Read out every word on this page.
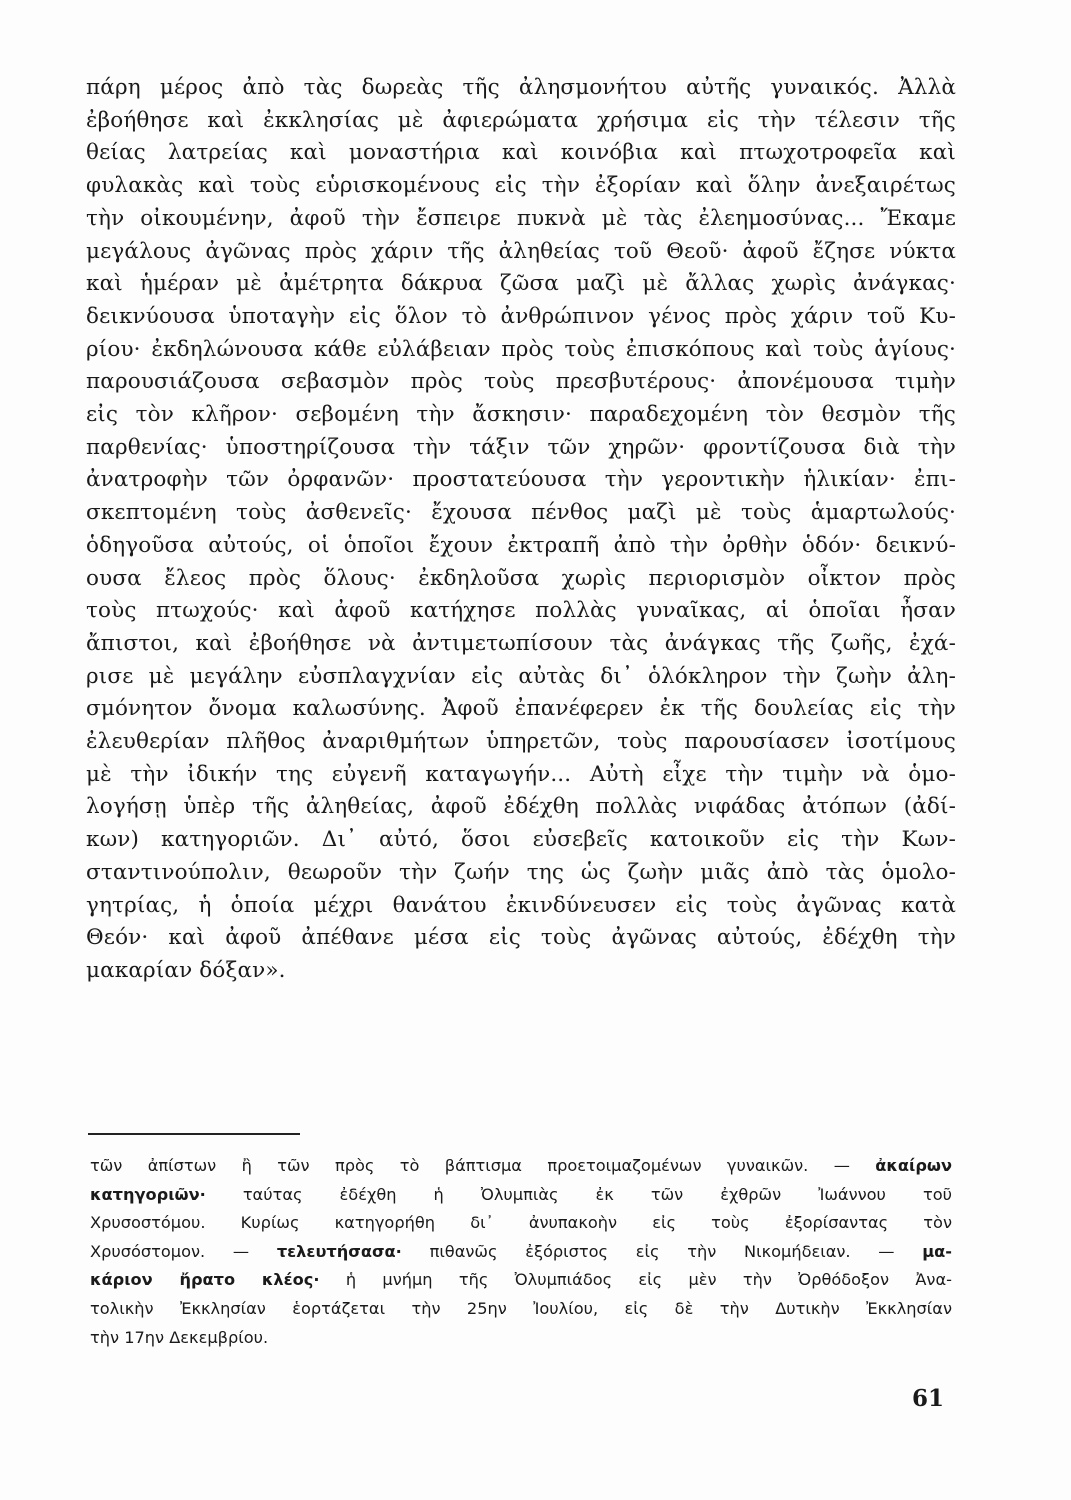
πάρη μέρος ἀπὸ τὰς δωρεὰς τῆς ἀλησμονήτου αὐτῆς γυναικός. Ἀλλὰ
ἐβοήθησε καὶ ἐκκλησίας μὲ ἀφιερώματα χρήσιμα εἰς τὴν τέλεσιν τῆς
θείας λατρείας καὶ μοναστήρια καὶ κοινόβια καὶ πτωχοτροφεῖα καὶ
φυλακὰς καὶ τοὺς εὑρισκομένους εἰς τὴν ἐξορίαν καὶ ὅλην ἀνεξαιρέτως
τὴν οἰκουμένην, ἀφοῦ τὴν ἔσπειρε πυκνὰ μὲ τὰς ἐλεημοσύνας... Ἔκαμε
μεγάλους ἀγῶνας πρὸς χάριν τῆς ἀληθείας τοῦ Θεοῦ· ἀφοῦ ἔζησε νύκτα
καὶ ἡμέραν μὲ ἀμέτρητα δάκρυα ζῶσα μαζὶ μὲ ἄλλας χωρὶς ἀνάγκας·
δεικνύουσα ὑποταγὴν εἰς ὅλον τὸ ἀνθρώπινον γένος πρὸς χάριν τοῦ Κυ-
ρίου· ἐκδηλώνουσα κάθε εὐλάβειαν πρὸς τοὺς ἐπισκόπους καὶ τοὺς ἁγίους·
παρουσιάζουσα σεβασμὸν πρὸς τοὺς πρεσβυτέρους· ἀπονέμουσα τιμὴν
εἰς τὸν κλῆρον· σεβομένη τὴν ἄσκησιν· παραδεχομένη τὸν θεσμὸν τῆς
παρθενίας· ὑποστηρίζουσα τὴν τάξιν τῶν χηρῶν· φροντίζουσα διὰ τὴν
ἀνατροφὴν τῶν ὀρφανῶν· προστατεύουσα τὴν γεροντικὴν ἡλικίαν· ἐπι-
σκεπτομένη τοὺς ἀσθενεῖς· ἔχουσα πένθος μαζὶ μὲ τοὺς ἁμαρτωλούς·
ὁδηγοῦσα αὐτούς, οἱ ὁποῖοι ἔχουν ἐκτραπῆ ἀπὸ τὴν ὀρθὴν ὁδόν· δεικνύ-
ουσα ἔλεος πρὸς ὅλους· ἐκδηλοῦσα χωρὶς περιορισμὸν οἶκτον πρὸς
τοὺς πτωχούς· καὶ ἀφοῦ κατήχησε πολλὰς γυναῖκας, αἱ ὁποῖαι ἦσαν
ἄπιστοι, καὶ ἐβοήθησε νὰ ἀντιμετωπίσουν τὰς ἀνάγκας τῆς ζωῆς, ἐχά-
ρισε μὲ μεγάλην εὐσπλαγχνίαν εἰς αὐτὰς δι᾽ ὁλόκληρον τὴν ζωὴν ἀλη-
σμόνητον ὄνομα καλωσύνης. Ἀφοῦ ἐπανέφερεν ἐκ τῆς δουλείας εἰς τὴν
ἐλευθερίαν πλῆθος ἀναριθμήτων ὑπηρετῶν, τοὺς παρουσίασεν ἰσοτίμους
μὲ τὴν ἰδικήν της εὐγενῆ καταγωγήν... Αὐτὴ εἶχε τὴν τιμὴν νὰ ὁμο-
λογήσῃ ὑπὲρ τῆς ἀληθείας, ἀφοῦ ἐδέχθη πολλὰς νιφάδας ἀτόπων (ἀδί-
κων) κατηγοριῶν. Δι᾽ αὐτό, ὅσοι εὐσεβεῖς κατοικοῦν εἰς τὴν Κων-
σταντινούπολιν, θεωροῦν τὴν ζωήν της ὡς ζωὴν μιᾶς ἀπὸ τὰς ὁμολο-
γητρίας, ἡ ὁποία μέχρι θανάτου ἐκινδύνευσεν εἰς τοὺς ἀγῶνας κατὰ
Θεόν· καὶ ἀφοῦ ἀπέθανε μέσα εἰς τοὺς ἀγῶνας αὐτούς, ἐδέχθη τὴν
μακαρίαν δόξαν».
τῶν ἀπίστων ἢ τῶν πρὸς τὸ βάπτισμα προετοιμαζομένων γυναικῶν. — ἀκαίρων
κατηγοριῶν· ταύτας ἐδέχθη ἡ Ὀλυμπιὰς ἐκ τῶν ἐχθρῶν Ἰωάννου τοῦ
Χρυσοστόμου. Κυρίως κατηγορήθη δι᾽ ἀνυπακοὴν εἰς τοὺς ἐξορίσαντας τὸν
Χρυσόστομον. — τελευτήσασα· πιθανῶς ἐξόριστος εἰς τὴν Νικομήδειαν. — μα-
κάριον ἤρατο κλέος· ἡ μνήμη τῆς Ὀλυμπιάδος εἰς μὲν τὴν Ὀρθόδοξον Ἀνα-
τολικὴν Ἐκκλησίαν ἑορτάζεται τὴν 25ην Ἰουλίου, εἰς δὲ τὴν Δυτικὴν Ἐκκλησίαν
τὴν 17ην Δεκεμβρίου.
61
